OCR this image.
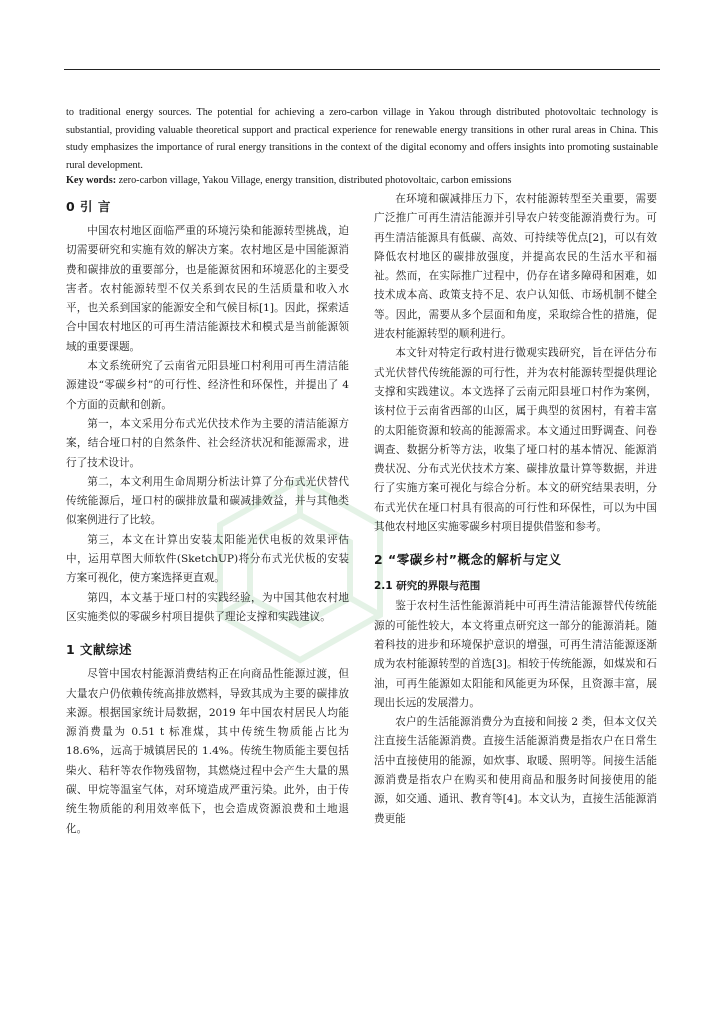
to traditional energy sources. The potential for achieving a zero-carbon village in Yakou through distributed photovoltaic technology is substantial, providing valuable theoretical support and practical experience for renewable energy transitions in other rural areas in China. This study emphasizes the importance of rural energy transitions in the context of the digital economy and offers insights into promoting sustainable rural development.

Key words: zero-carbon village, Yakou Village, energy transition, distributed photovoltaic, carbon emissions
0 引 言

中国农村地区面临严重的环境污染和能源转型挑战，迫切需要研究和实施有效的解决方案。农村地区是中国能源消费和碳排放的重要部分，也是能源贫困和环境恶化的主要受害者。农村能源转型不仅关系到农民的生活质量和收入水平，也关系到国家的能源安全和气候目标[1]。因此，探索适合中国农村地区的可再生清洁能源技术和模式是当前能源领域的重要课题。

本文系统研究了云南省元阳县垭口村利用可再生清洁能源建设“零碳乡村”的可行性、经济性和环保性，并提出了 4 个方面的贡献和创新。

第一，本文采用分布式光伏技术作为主要的清洁能源方案，结合垭口村的自然条件、社会经济状况和能源需求，进行了技术设计。

第二，本文利用生命周期分析法计算了分布式光伏替代传统能源后，垭口村的碳排放量和碳减排效益，并与其他类似案例进行了比较。

第三，本文在计算出安装太阳能光伏电板的效果评估中，运用草图大师软件(SketchUP)将分布式光伏板的安装方案可视化，使方案选择更直观。

第四，本文基于垭口村的实践经验，为中国其他农村地区实施类似的零碳乡村项目提供了理论支撑和实践建议。

1 文献综述

尽管中国农村能源消费结构正在向商品性能源过渡，但大量农户仍依赖传统高排放燃料，导致其成为主要的碳排放来源。根据国家统计局数据，2019 年中国农村居民人均能源消费量为 0.51 t 标准煤，其中传统生物质能占比为 18.6%，远高于城镇居民的 1.4%。传统生物质能主要包括柴火、秸秆等农作物残留物，其燃烧过程中会产生大量的黑碳、甲烷等温室气体，对环境造成严重污染。此外，由于传统生物质能的利用效率低下，也会造成资源浪费和土地退化。

在环境和碳减排压力下，农村能源转型至关重要，需要广泛推广可再生清洁能源并引导农户转变能源消费行为。可再生清洁能源具有低碳、高效、可持续等优点[2]，可以有效降低农村地区的碳排放强度，并提高农民的生活水平和福祉。然而，在实际推广过程中，仍存在诸多障碍和困难，如技术成本高、政策支持不足、农户认知低、市场机制不健全等。因此，需要从多个层面和角度，采取综合性的措施，促进农村能源转型的顺利进行。

本文针对特定行政村进行微观实践研究，旨在评估分布式光伏替代传统能源的可行性，并为农村能源转型提供理论支撑和实践建议。本文选择了云南元阳县垭口村作为案例，该村位于云南省西部的山区，属于典型的贫困村，有着丰富的太阳能资源和较高的能源需求。本文通过田野调查、问卷调查、数据分析等方法，收集了垭口村的基本情况、能源消费状况、分布式光伏技术方案、碳排放量计算等数据，并进行了实施方案可视化与综合分析。本文的研究结果表明，分布式光伏在垭口村具有很高的可行性和环保性，可以为中国其他农村地区实施零碳乡村项目提供借鉴和参考。

2 “零碳乡村”概念的解析与定义
2.1 研究的界限与范围

鉴于农村生活性能源消耗中可再生清洁能源替代传统能源的可能性较大，本文将重点研究这一部分的能源消耗。随着科技的进步和环境保护意识的增强，可再生清洁能源逐渐成为农村能源转型的首选[3]。相较于传统能源，如煤炭和石油，可再生能源如太阳能和风能更为环保，且资源丰富，展现出长远的发展潜力。

农户的生活能源消费分为直接和间接 2 类，但本文仅关注直接生活能源消费。直接生活能源消费是指农户在日常生活中直接使用的能源，如炊事、取暖、照明等。间接生活能源消费是指农户在购买和使用商品和服务时间接使用的能源，如交通、通讯、教育等[4]。本文认为，直接生活能源消费更能
